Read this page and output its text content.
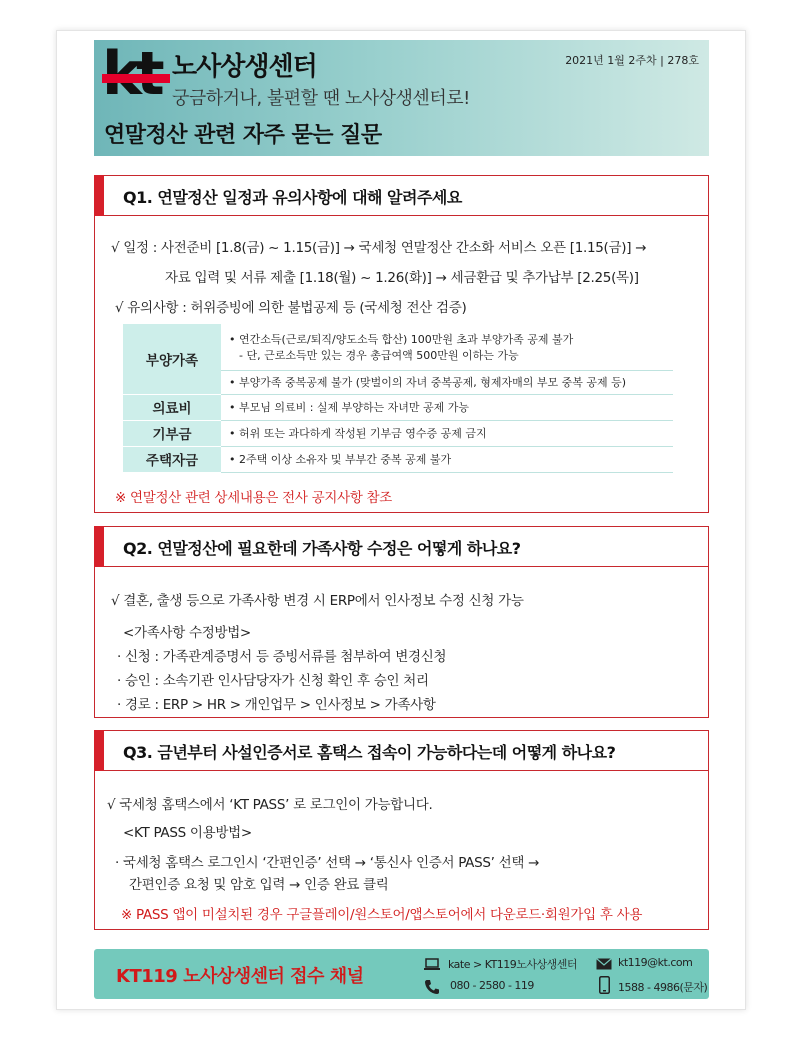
노사상생센터
궁금하거나, 불편할 땐 노사상생센터로!
2021년 1월 2주차 | 278호
연말정산 관련 자주 묻는 질문
Q1. 연말정산 일정과 유의사항에 대해 알려주세요
√ 일정 : 사전준비 [1.8(금) ~ 1.15(금)] → 국세청 연말정산 간소화 서비스 오픈 [1.15(금)] →
자료 입력 및 서류 제출 [1.18(월) ~ 1.26(화)] → 세금환급 및 추가납부 [2.25(목)]
√ 유의사항 : 허위증빙에 의한 불법공제 등 (국세청 전산 검증)
부양가족	• 연간소득(근로/퇴직/양도소득 합산) 100만원 초과 부양가족 공제 불가
- 단, 근로소득만 있는 경우 총급여액 500만원 이하는 가능

	• 부양가족 중복공제 불가 (맞벌이의 자녀 중복공제, 형제자매의 부모 중복 공제 등)
의료비	• 부모님 의료비 : 실제 부양하는 자녀만 공제 가능
기부금	• 허위 또는 과다하게 작성된 기부금 영수증 공제 금지
주택자금	• 2주택 이상 소유자 및 부부간 중복 공제 불가
※ 연말정산 관련 상세내용은 전사 공지사항 참조
Q2. 연말정산에 필요한데 가족사항 수정은 어떻게 하나요?
√ 결혼, 출생 등으로 가족사항 변경 시 ERP에서 인사정보 수정 신청 가능
<가족사항 수정방법>
· 신청 : 가족관계증명서 등 증빙서류를 첨부하여 변경신청
· 승인 : 소속기관 인사담당자가 신청 확인 후 승인 처리
· 경로 : ERP > HR > 개인업무 > 인사정보 > 가족사항
Q3. 금년부터 사설인증서로 홈택스 접속이 가능하다는데 어떻게 하나요?
√ 국세청 홈택스에서 ‘KT PASS’ 로 로그인이 가능합니다.
<KT PASS 이용방법>
· 국세청 홈택스 로그인시 ‘간편인증’ 선택 → ‘통신사 인증서 PASS’ 선택 →
간편인증 요청 및 암호 입력 → 인증 완료 클릭
※ PASS 앱이 미설치된 경우 구글플레이/원스토어/앱스토어에서 다운로드·회원가입 후 사용
KT119 노사상생센터 접수 채널
kate > KT119노사상생센터	kt119@kt.com
080 - 2580 - 119	1588 - 4986(문자)
